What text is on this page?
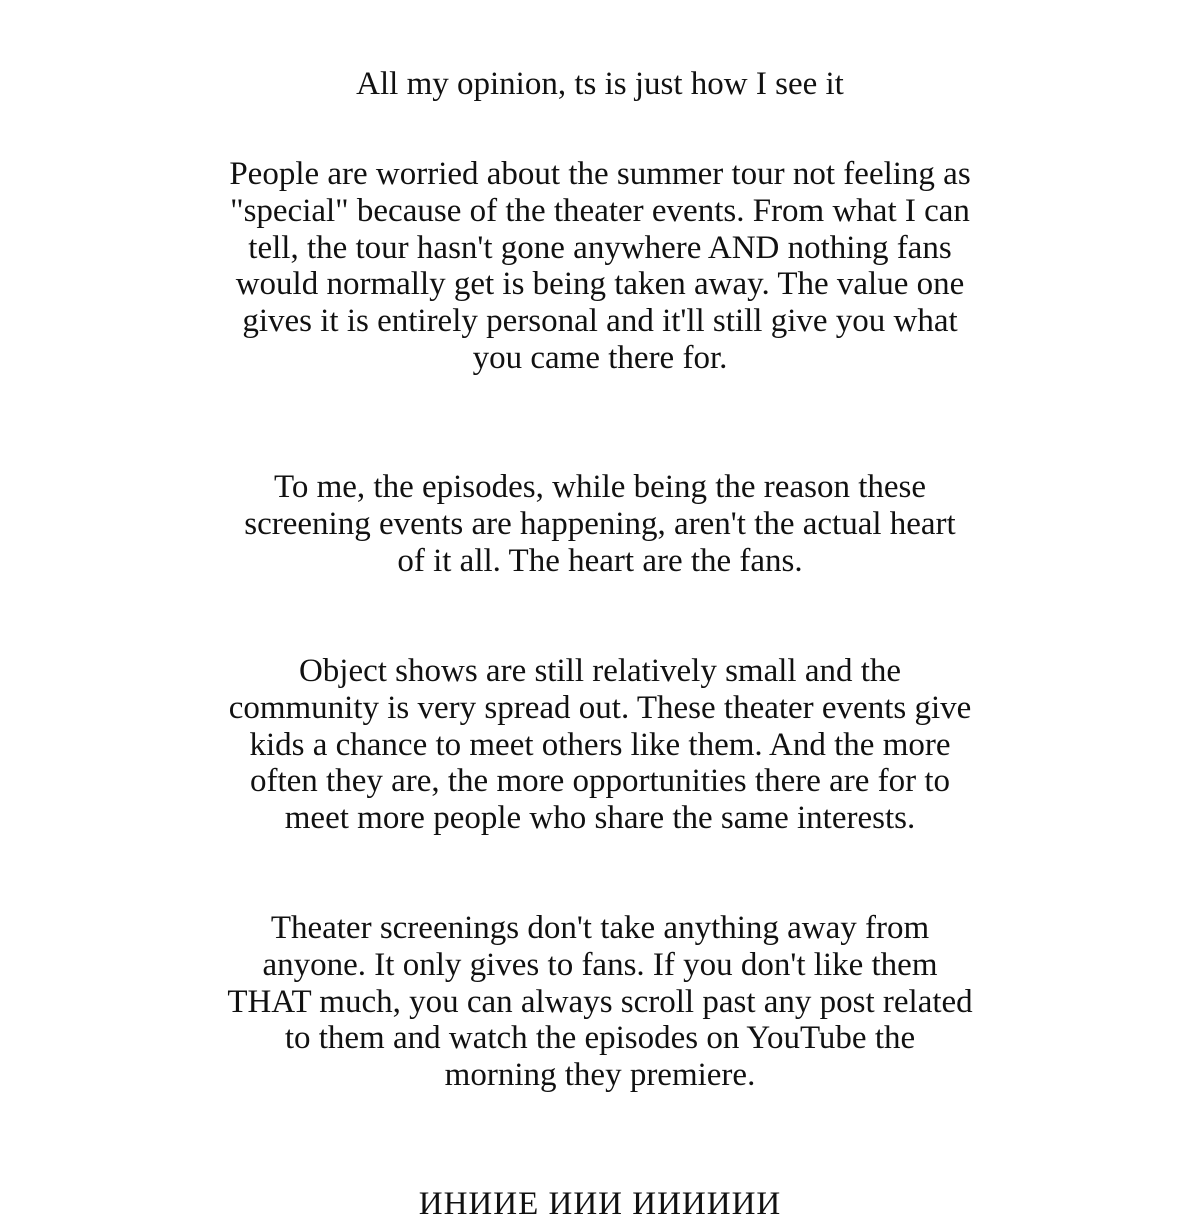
All my opinion, ts is just how I see it
People are worried about the summer tour not feeling as
"special" because of the theater events. From what I can
tell, the tour hasn't gone anywhere AND nothing fans
would normally get is being taken away. The value one
gives it is entirely personal and it'll still give you what
you came there for.
To me, the episodes, while being the reason these
screening events are happening, aren't the actual heart
of it all. The heart are the fans.
Object shows are still relatively small and the
community is very spread out. These theater events give
kids a chance to meet others like them. And the more
often they are, the more opportunities there are for to
meet more people who share the same interests.
Theater screenings don't take anything away from
anyone. It only gives to fans. If you don't like them
THAT much, you can always scroll past any post related
to them and watch the episodes on YouTube the
morning they premiere.
ИНИИЕ ИИИ ИИИИИИ
